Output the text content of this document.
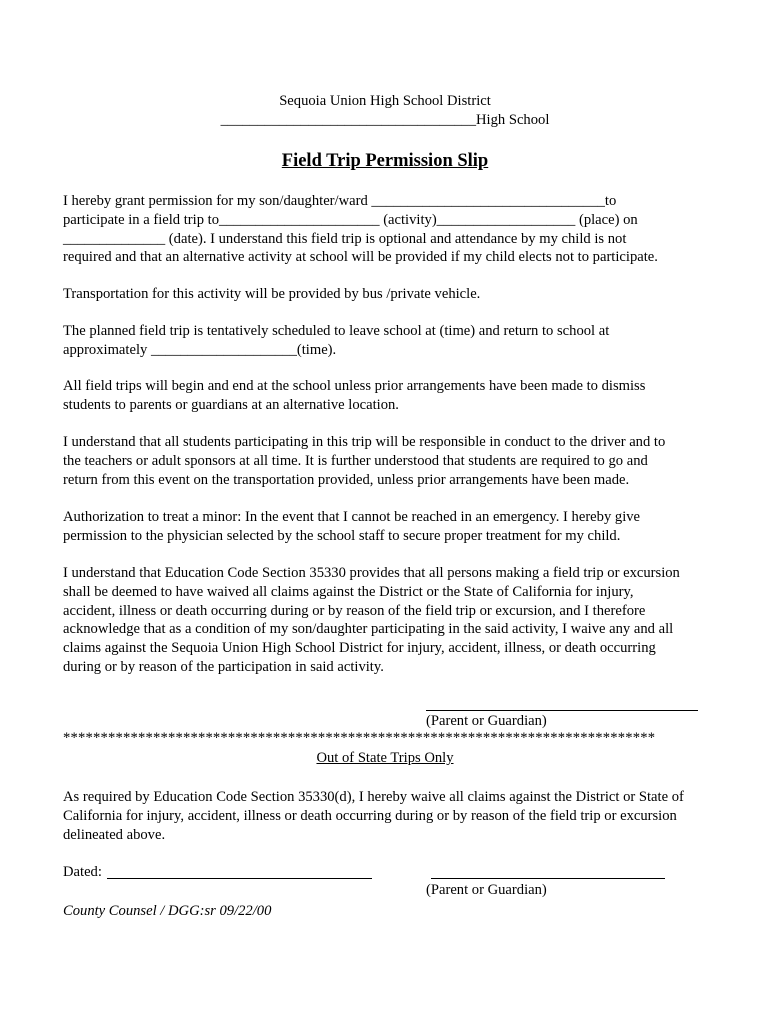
Sequoia Union High School District
___________________________________High School
Field Trip Permission Slip
I hereby grant permission for my son/daughter/ward ________________________________to
participate in a field trip to______________________ (activity)___________________ (place) on
______________ (date). I understand this field trip is optional and attendance by my child is not
required and that an alternative activity at school will be provided if my child elects not to participate.
Transportation for this activity will be provided by bus /private vehicle.
The planned field trip is tentatively scheduled to leave school at (time) and return to school at
approximately ____________________(time).
All field trips will begin and end at the school unless prior arrangements have been made to dismiss
students to parents or guardians at an alternative location.
I understand that all students participating in this trip will be responsible in conduct to the driver and to
the teachers or adult sponsors at all time. It is further understood that students are required to go and
return from this event on the transportation provided, unless prior arrangements have been made.
Authorization to treat a minor: In the event that I cannot be reached in an emergency. I hereby give
permission to the physician selected by the school staff to secure proper treatment for my child.
I understand that Education Code Section 35330 provides that all persons making a field trip or excursion
shall be deemed to have waived all claims against the District or the State of California for injury,
accident, illness or death occurring during or by reason of the field trip or excursion, and I therefore
acknowledge that as a condition of my son/daughter participating in the said activity, I waive any and all
claims against the Sequoia Union High School District for injury, accident, illness, or death occurring
during or by reason of the participation in said activity.
(Parent or Guardian)
*******************************************************************************
Out of State Trips Only
As required by Education Code Section 35330(d), I hereby waive all claims against the District or State of
California for injury, accident, illness or death occurring during or by reason of the field trip or excursion
delineated above.
Dated:
(Parent or Guardian)
County Counsel / DGG:sr 09/22/00
